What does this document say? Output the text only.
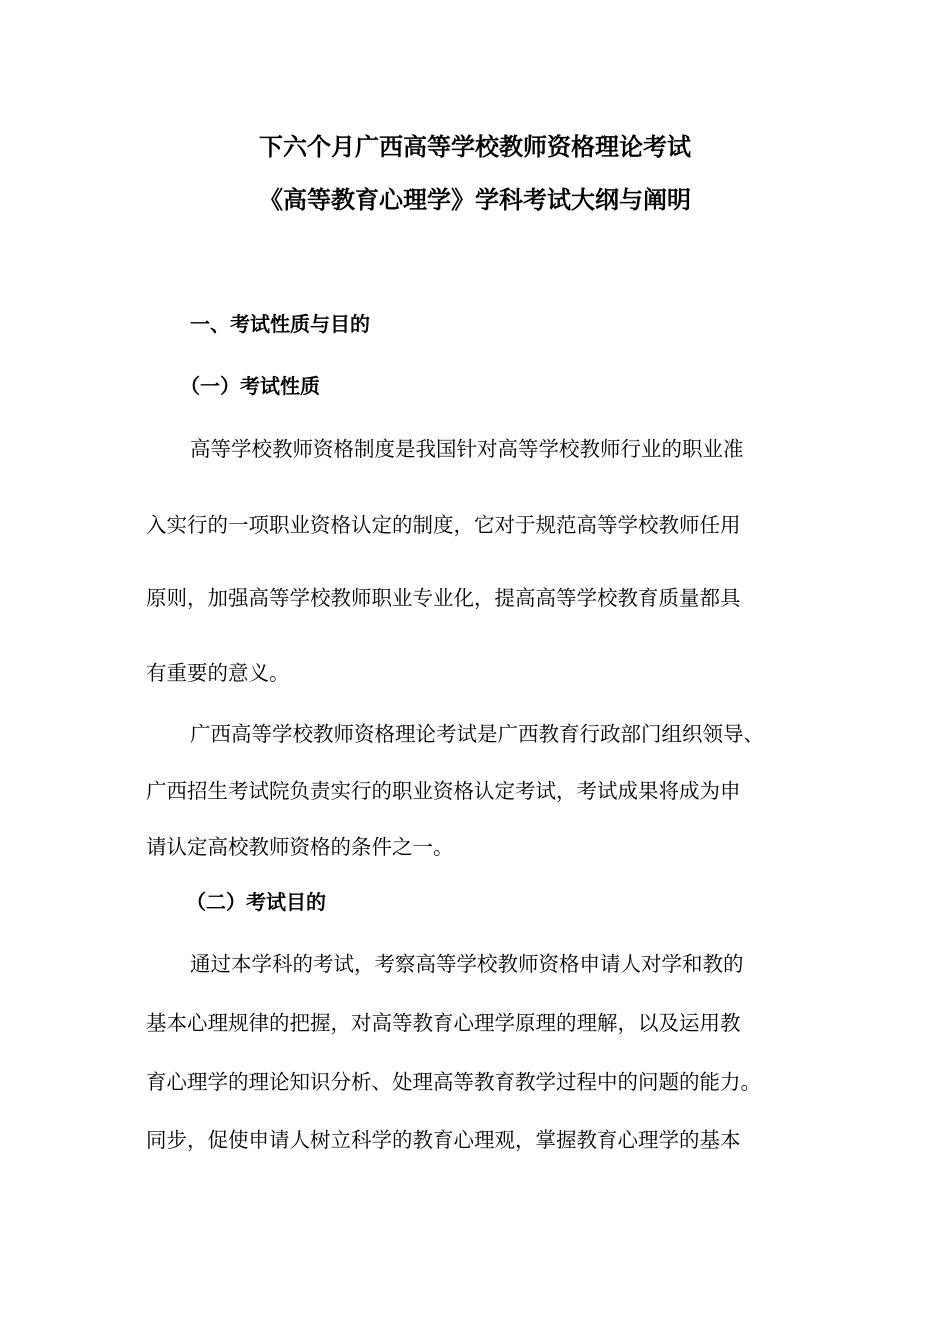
下六个月广西高等学校教师资格理论考试
《高等教育心理学》学科考试大纲与阐明
一、考试性质与目的
（一）考试性质
高等学校教师资格制度是我国针对高等学校教师行业的职业准
入实行的一项职业资格认定的制度，它对于规范高等学校教师任用
原则，加强高等学校教师职业专业化，提高高等学校教育质量都具
有重要的意义。
广西高等学校教师资格理论考试是广西教育行政部门组织领导、
广西招生考试院负责实行的职业资格认定考试，考试成果将成为申
请认定高校教师资格的条件之一。
（二）考试目的
通过本学科的考试，考察高等学校教师资格申请人对学和教的
基本心理规律的把握，对高等教育心理学原理的理解，以及运用教
育心理学的理论知识分析、处理高等教育教学过程中的问题的能力。
同步，促使申请人树立科学的教育心理观，掌握教育心理学的基本
